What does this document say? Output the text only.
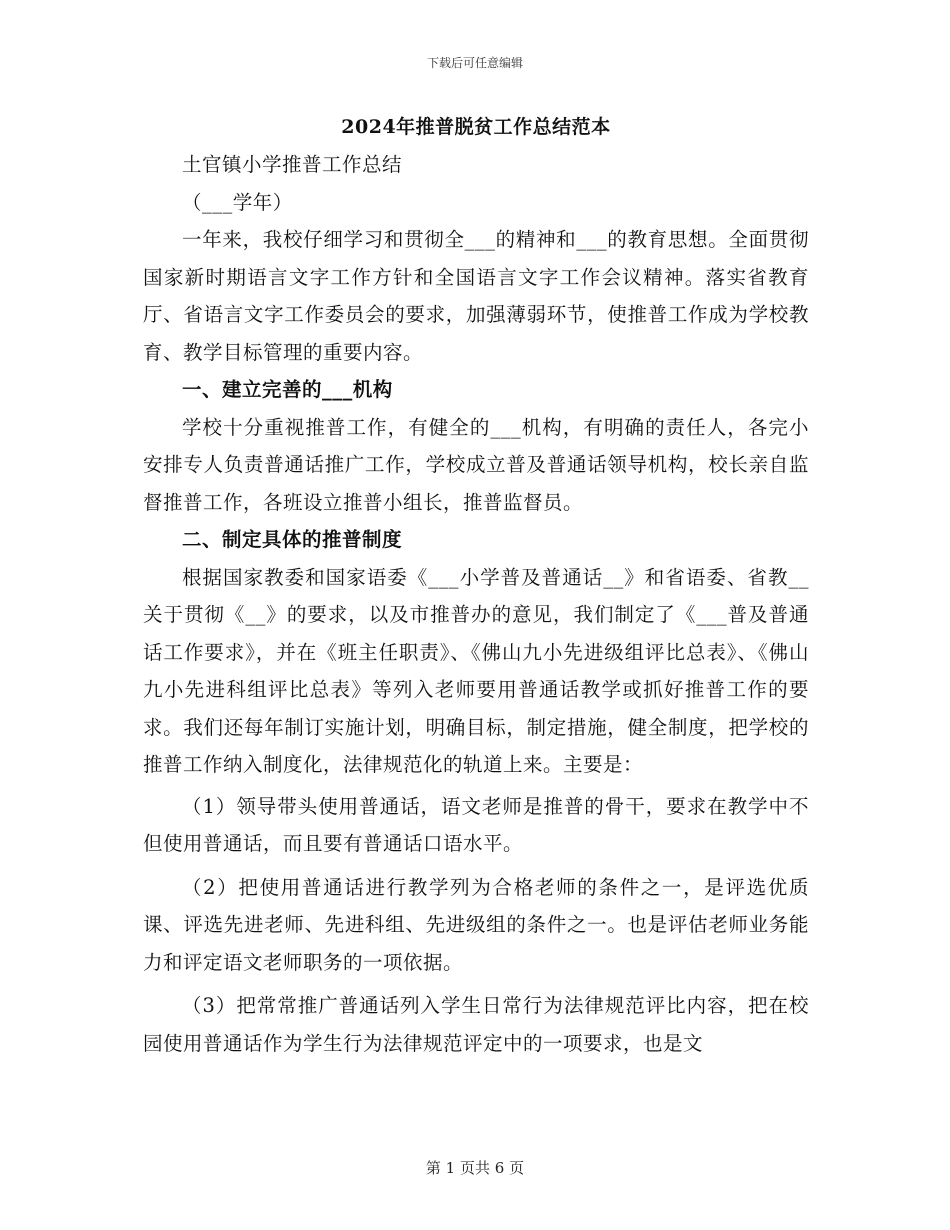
下载后可任意编辑
2024年推普脱贫工作总结范本

土官镇小学推普工作总结

（___学年）

一年来，我校仔细学习和贯彻全___的精神和___的教育思想。全面贯彻国家新时期语言文字工作方针和全国语言文字工作会议精神。落实省教育厅、省语言文字工作委员会的要求，加强薄弱环节，使推普工作成为学校教育、教学目标管理的重要内容。

一、建立完善的___机构

学校十分重视推普工作，有健全的___机构，有明确的责任人，各完小安排专人负责普通话推广工作，学校成立普及普通话领导机构，校长亲自监督推普工作，各班设立推普小组长，推普监督员。

二、制定具体的推普制度

根据国家教委和国家语委《___小学普及普通话__》和省语委、省教__关于贯彻《__》的要求，以及市推普办的意见，我们制定了《___普及普通话工作要求》，并在《班主任职责》、《佛山九小先进级组评比总表》、《佛山九小先进科组评比总表》等列入老师要用普通话教学或抓好推普工作的要求。我们还每年制订实施计划，明确目标，制定措施，健全制度，把学校的推普工作纳入制度化，法律规范化的轨道上来。主要是：

（1）领导带头使用普通话，语文老师是推普的骨干，要求在教学中不但使用普通话，而且要有普通话口语水平。

（2）把使用普通话进行教学列为合格老师的条件之一，是评选优质课、评选先进老师、先进科组、先进级组的条件之一。也是评估老师业务能力和评定语文老师职务的一项依据。

（3）把常常推广普通话列入学生日常行为法律规范评比内容，把在校园使用普通话作为学生行为法律规范评定中的一项要求，也是文

第 1 页共 6 页
